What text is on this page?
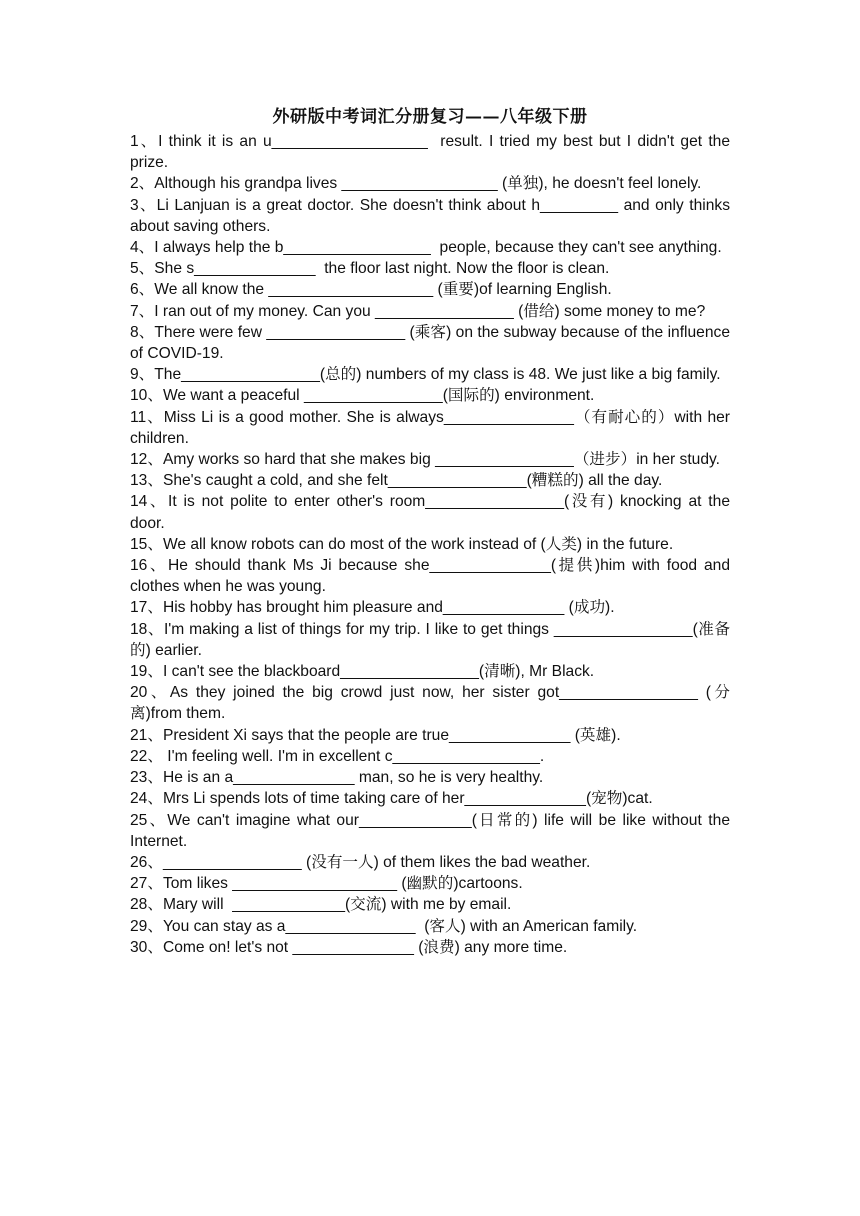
外研版中考词汇分册复习——八年级下册

1、I think it is an u__________________  result. I tried my best but I didn't get the prize.

2、Although his grandpa lives __________________ (单独), he doesn't feel lonely.

3、Li Lanjuan is a great doctor. She doesn't think about h_________ and only thinks about saving others.

4、I always help the b_________________  people, because they can't see anything.

5、She s______________  the floor last night. Now the floor is clean.

6、We all know the ___________________ (重要)of learning English.

7、I ran out of my money. Can you ________________ (借给) some money to me?

8、There were few ________________ (乘客) on the subway because of the influence of COVID-19.

9、The________________(总的) numbers of my class is 48. We just like a big family.

10、We want a peaceful ________________(国际的) environment.

11、Miss Li is a good mother. She is always_______________（有耐心的）with her children.

12、Amy works so hard that she makes big ________________（进步）in her study.

13、She's caught a cold, and she felt________________(糟糕的) all the day.

14、It is not polite to enter other's room________________(没有) knocking at the door.

15、We all know robots can do most of the work instead of (人类) in the future.

16、He should thank Ms Ji because she______________(提供)him with food and clothes when he was young.

17、His hobby has brought him pleasure and______________ (成功).

18、I'm making a list of things for my trip. I like to get things ________________(准备的) earlier.

19、I can't see the blackboard________________(清晰), Mr Black.

20、As they joined the big crowd just now, her sister got________________ (分离)from them.

21、President Xi says that the people are true______________ (英雄).

22、 I'm feeling well. I'm in excellent c_________________.

23、He is an a______________ man, so he is very healthy.

24、Mrs Li spends lots of time taking care of her______________(宠物)cat.

25、We can't imagine what our_____________(日常的) life will be like without the Internet.

26、________________ (没有一人) of them likes the bad weather.

27、Tom likes ___________________ (幽默的)cartoons.

28、Mary will  _____________(交流) with me by email.

29、You can stay as a_______________  (客人) with an American family.

30、Come on! let's not ______________ (浪费) any more time.
